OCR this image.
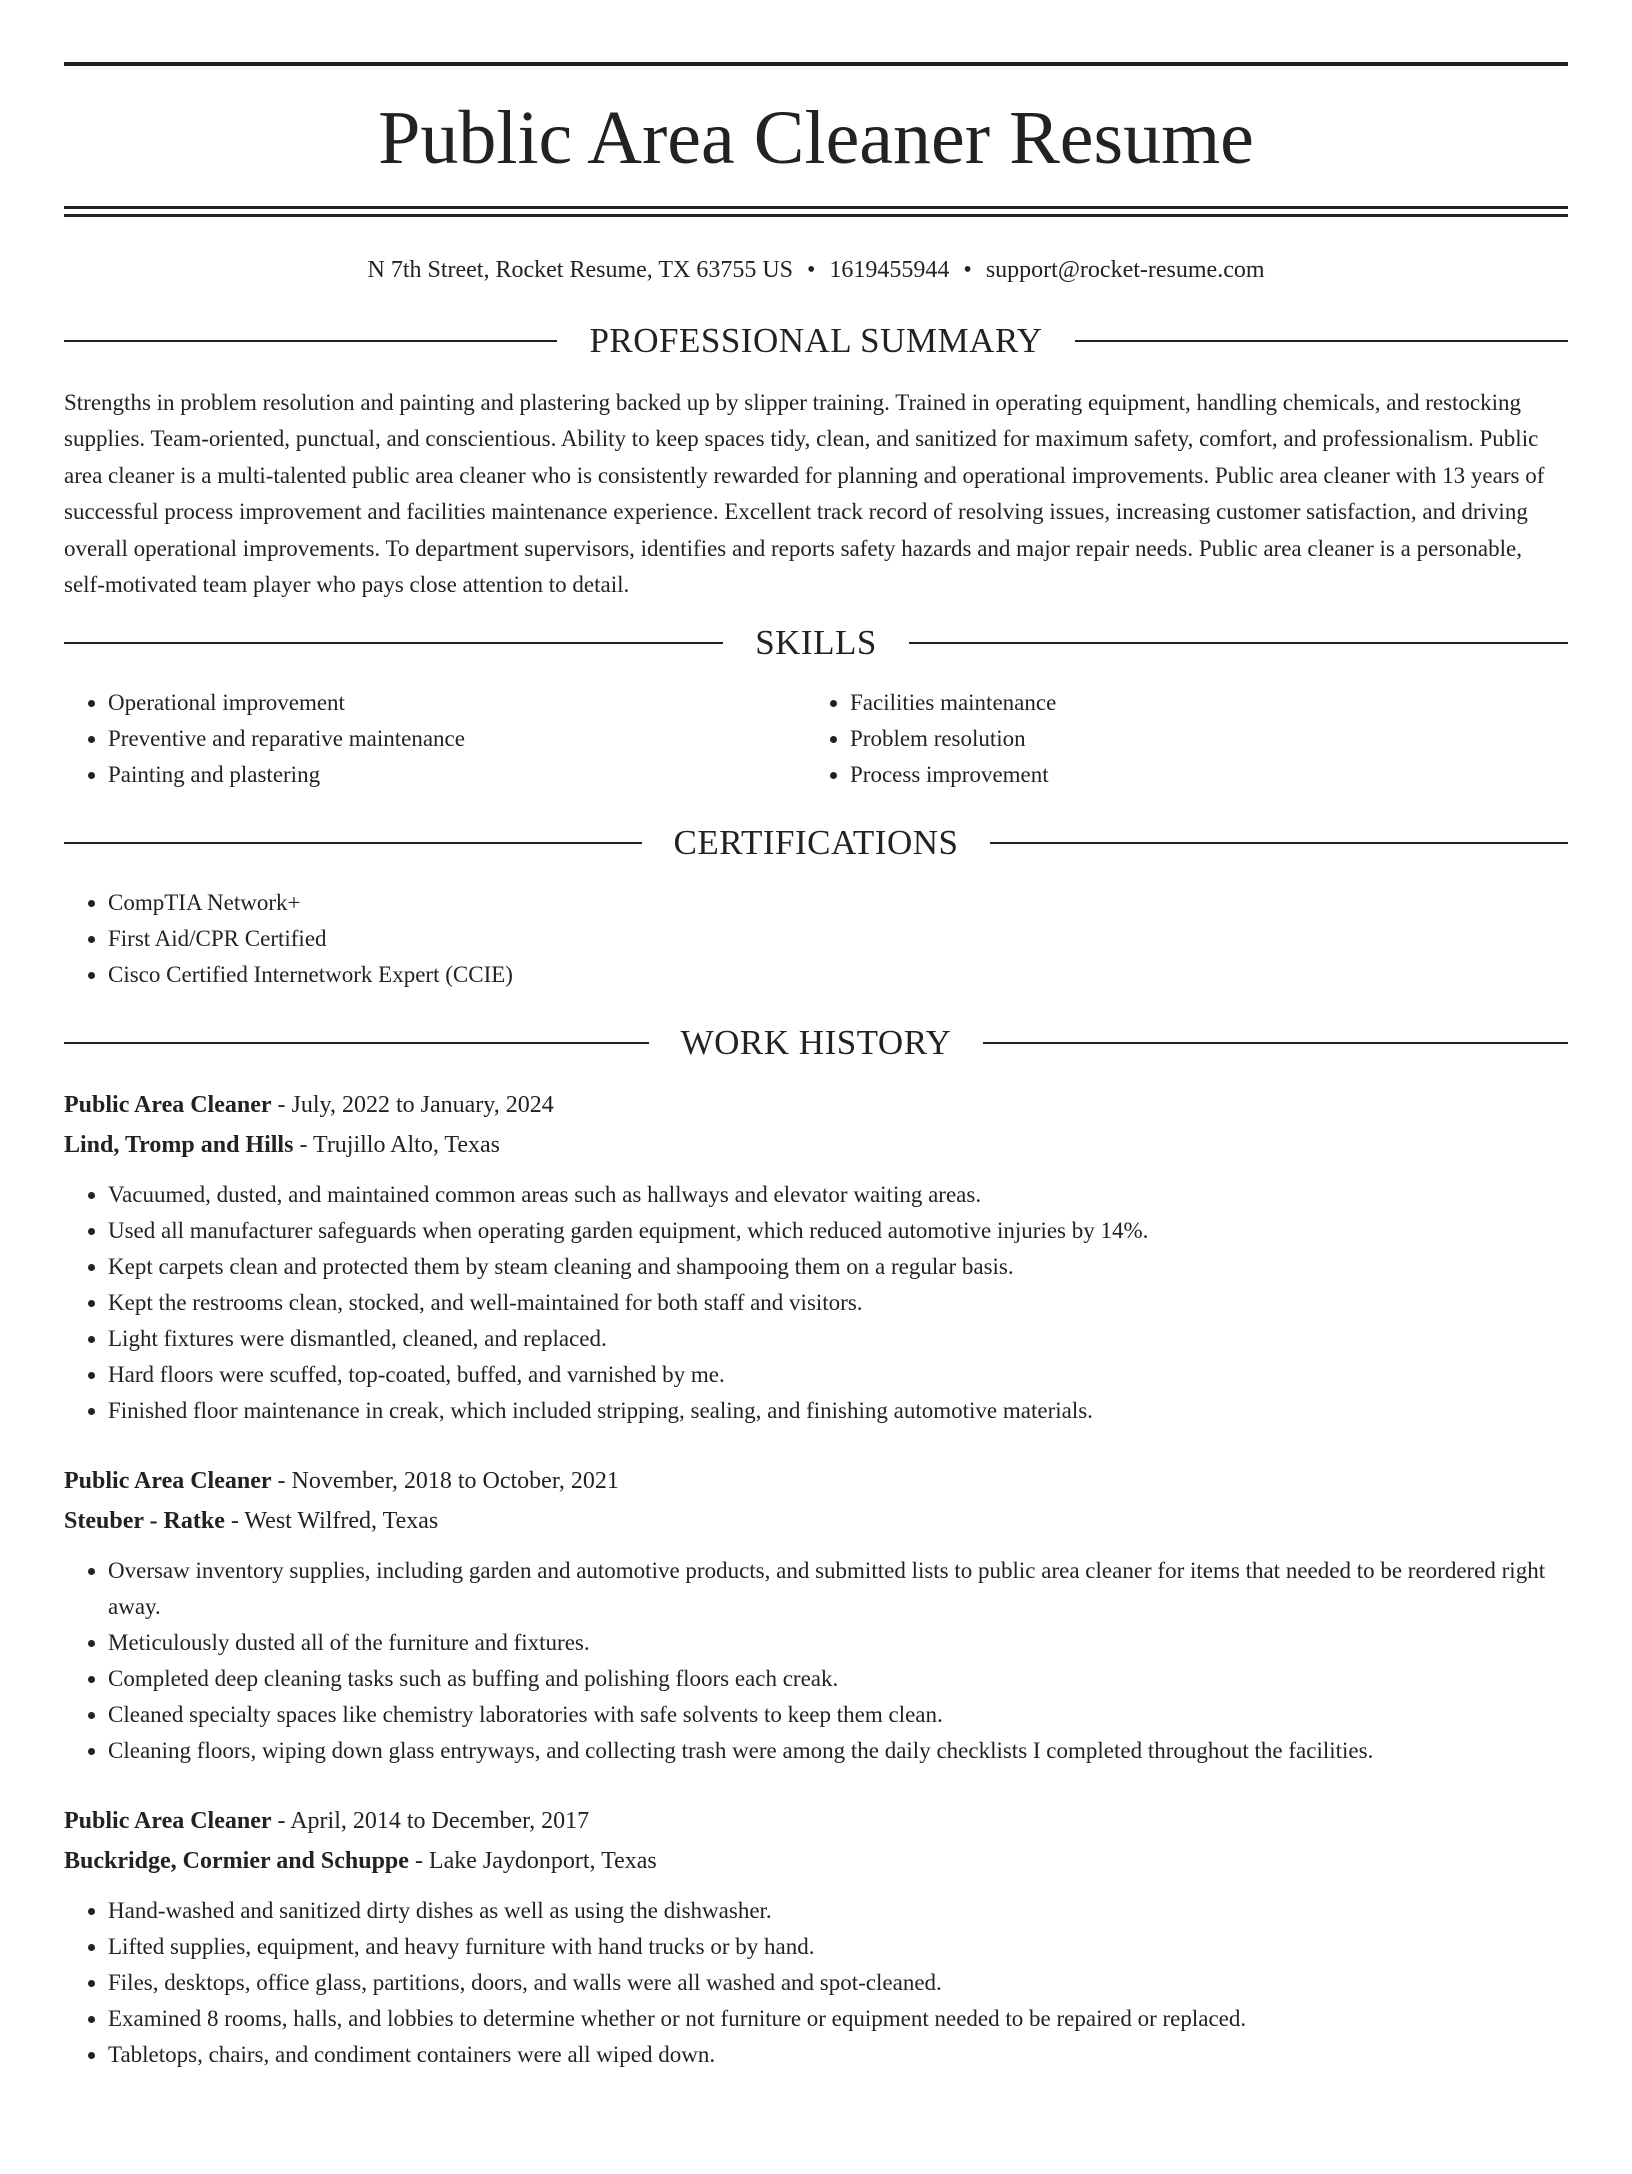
Public Area Cleaner Resume
N 7th Street, Rocket Resume, TX 63755 US • 1619455944 • support@rocket-resume.com
PROFESSIONAL SUMMARY

Strengths in problem resolution and painting and plastering backed up by slipper training. Trained in operating equipment, handling chemicals, and restocking supplies. Team-oriented, punctual, and conscientious. Ability to keep spaces tidy, clean, and sanitized for maximum safety, comfort, and professionalism. Public area cleaner is a multi-talented public area cleaner who is consistently rewarded for planning and operational improvements. Public area cleaner with 13 years of successful process improvement and facilities maintenance experience. Excellent track record of resolving issues, increasing customer satisfaction, and driving overall operational improvements. To department supervisors, identifies and reports safety hazards and major repair needs. Public area cleaner is a personable, self-motivated team player who pays close attention to detail.

SKILLS
• Operational improvement
• Preventive and reparative maintenance
• Painting and plastering
• Facilities maintenance
• Problem resolution
• Process improvement
CERTIFICATIONS
• CompTIA Network+
• First Aid/CPR Certified
• Cisco Certified Internetwork Expert (CCIE)
WORK HISTORY
Public Area Cleaner - July, 2022 to January, 2024
Lind, Tromp and Hills - Trujillo Alto, Texas
• Vacuumed, dusted, and maintained common areas such as hallways and elevator waiting areas.
• Used all manufacturer safeguards when operating garden equipment, which reduced automotive injuries by 14%.
• Kept carpets clean and protected them by steam cleaning and shampooing them on a regular basis.
• Kept the restrooms clean, stocked, and well-maintained for both staff and visitors.
• Light fixtures were dismantled, cleaned, and replaced.
• Hard floors were scuffed, top-coated, buffed, and varnished by me.
• Finished floor maintenance in creak, which included stripping, sealing, and finishing automotive materials.
Public Area Cleaner - November, 2018 to October, 2021
Steuber - Ratke - West Wilfred, Texas
• Oversaw inventory supplies, including garden and automotive products, and submitted lists to public area cleaner for items that needed to be reordered right away.
• Meticulously dusted all of the furniture and fixtures.
• Completed deep cleaning tasks such as buffing and polishing floors each creak.
• Cleaned specialty spaces like chemistry laboratories with safe solvents to keep them clean.
• Cleaning floors, wiping down glass entryways, and collecting trash were among the daily checklists I completed throughout the facilities.
Public Area Cleaner - April, 2014 to December, 2017
Buckridge, Cormier and Schuppe - Lake Jaydonport, Texas
• Hand-washed and sanitized dirty dishes as well as using the dishwasher.
• Lifted supplies, equipment, and heavy furniture with hand trucks or by hand.
• Files, desktops, office glass, partitions, doors, and walls were all washed and spot-cleaned.
• Examined 8 rooms, halls, and lobbies to determine whether or not furniture or equipment needed to be repaired or replaced.
• Tabletops, chairs, and condiment containers were all wiped down.
